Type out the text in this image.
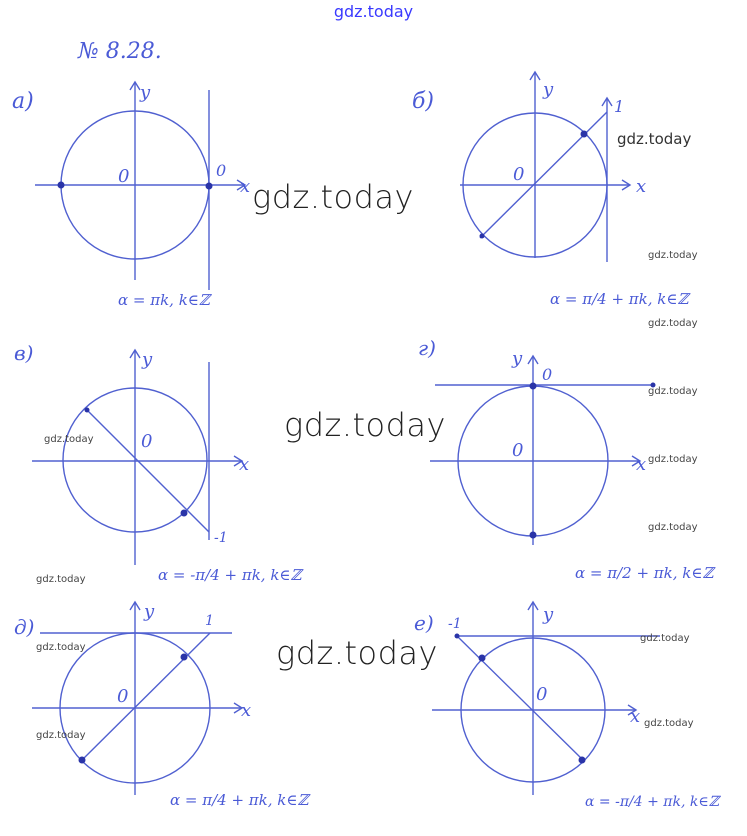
№ 8.28.
а)	y
x
0	0
α = πk, k∈ℤ
б)	y
x
0
1
α = π/4 + πk, k∈ℤ
в)	y
x
0
-1
α = -π/4 + πk, k∈ℤ
г)	y
x
0
0
α = π/2 + πk, k∈ℤ
д)
y
x
0
1
α = π/4 + πk, k∈ℤ
е)	y
x
0
-1
α = -π/4 + πk, k∈ℤ
gdz.today
gdz.today
gdz.today
gdz.today
gdz.today
gdz.today
gdz.today
gdz.today
gdz.today
gdz.today
gdz.today
gdz.today
gdz.today
gdz.today
gdz.today
gdz.today
